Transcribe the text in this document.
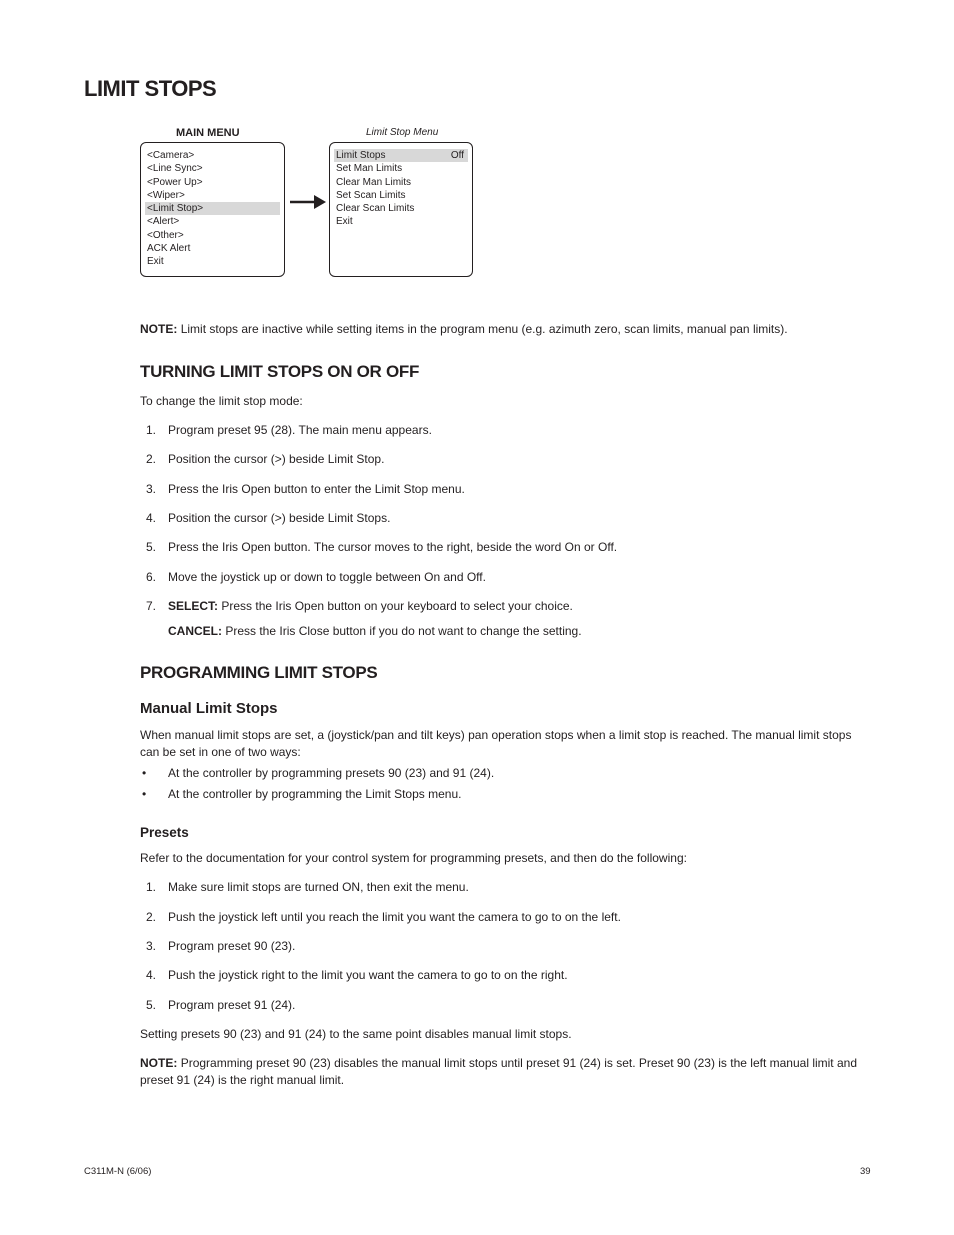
LIMIT STOPS
MAIN MENU	Limit Stop Menu
<Camera>
<Line Sync>
<Power Up>
<Wiper>
<Limit Stop>
<Alert>
<Other>
ACK Alert
Exit
Limit Stops	Off
Set Man Limits
Clear Man Limits
Set Scan Limits
Clear Scan Limits
Exit

NOTE: Limit stops are inactive while setting items in the program menu (e.g. azimuth zero, scan limits, manual pan limits).

TURNING LIMIT STOPS ON OR OFF

To change the limit stop mode:

1. Program preset 95 (28). The main menu appears.
2. Position the cursor (>) beside Limit Stop.
3. Press the Iris Open button to enter the Limit Stop menu.
4. Position the cursor (>) beside Limit Stops.
5. Press the Iris Open button. The cursor moves to the right, beside the word On or Off.
6. Move the joystick up or down to toggle between On and Off.
7. SELECT: Press the Iris Open button on your keyboard to select your choice.
CANCEL: Press the Iris Close button if you do not want to change the setting.
PROGRAMMING LIMIT STOPS
Manual Limit Stops

When manual limit stops are set, a (joystick/pan and tilt keys) pan operation stops when a limit stop is reached. The manual limit stops can be set in one of two ways:

• At the controller by programming presets 90 (23) and 91 (24).
• At the controller by programming the Limit Stops menu.
Presets

Refer to the documentation for your control system for programming presets, and then do the following:

1. Make sure limit stops are turned ON, then exit the menu.
2. Push the joystick left until you reach the limit you want the camera to go to on the left.
3. Program preset 90 (23).
4. Push the joystick right to the limit you want the camera to go to on the right.
5. Program preset 91 (24).

Setting presets 90 (23) and 91 (24) to the same point disables manual limit stops.

NOTE: Programming preset 90 (23) disables the manual limit stops until preset 91 (24) is set. Preset 90 (23) is the left manual limit and preset 91 (24) is the right manual limit.

C311M-N (6/06)	39
